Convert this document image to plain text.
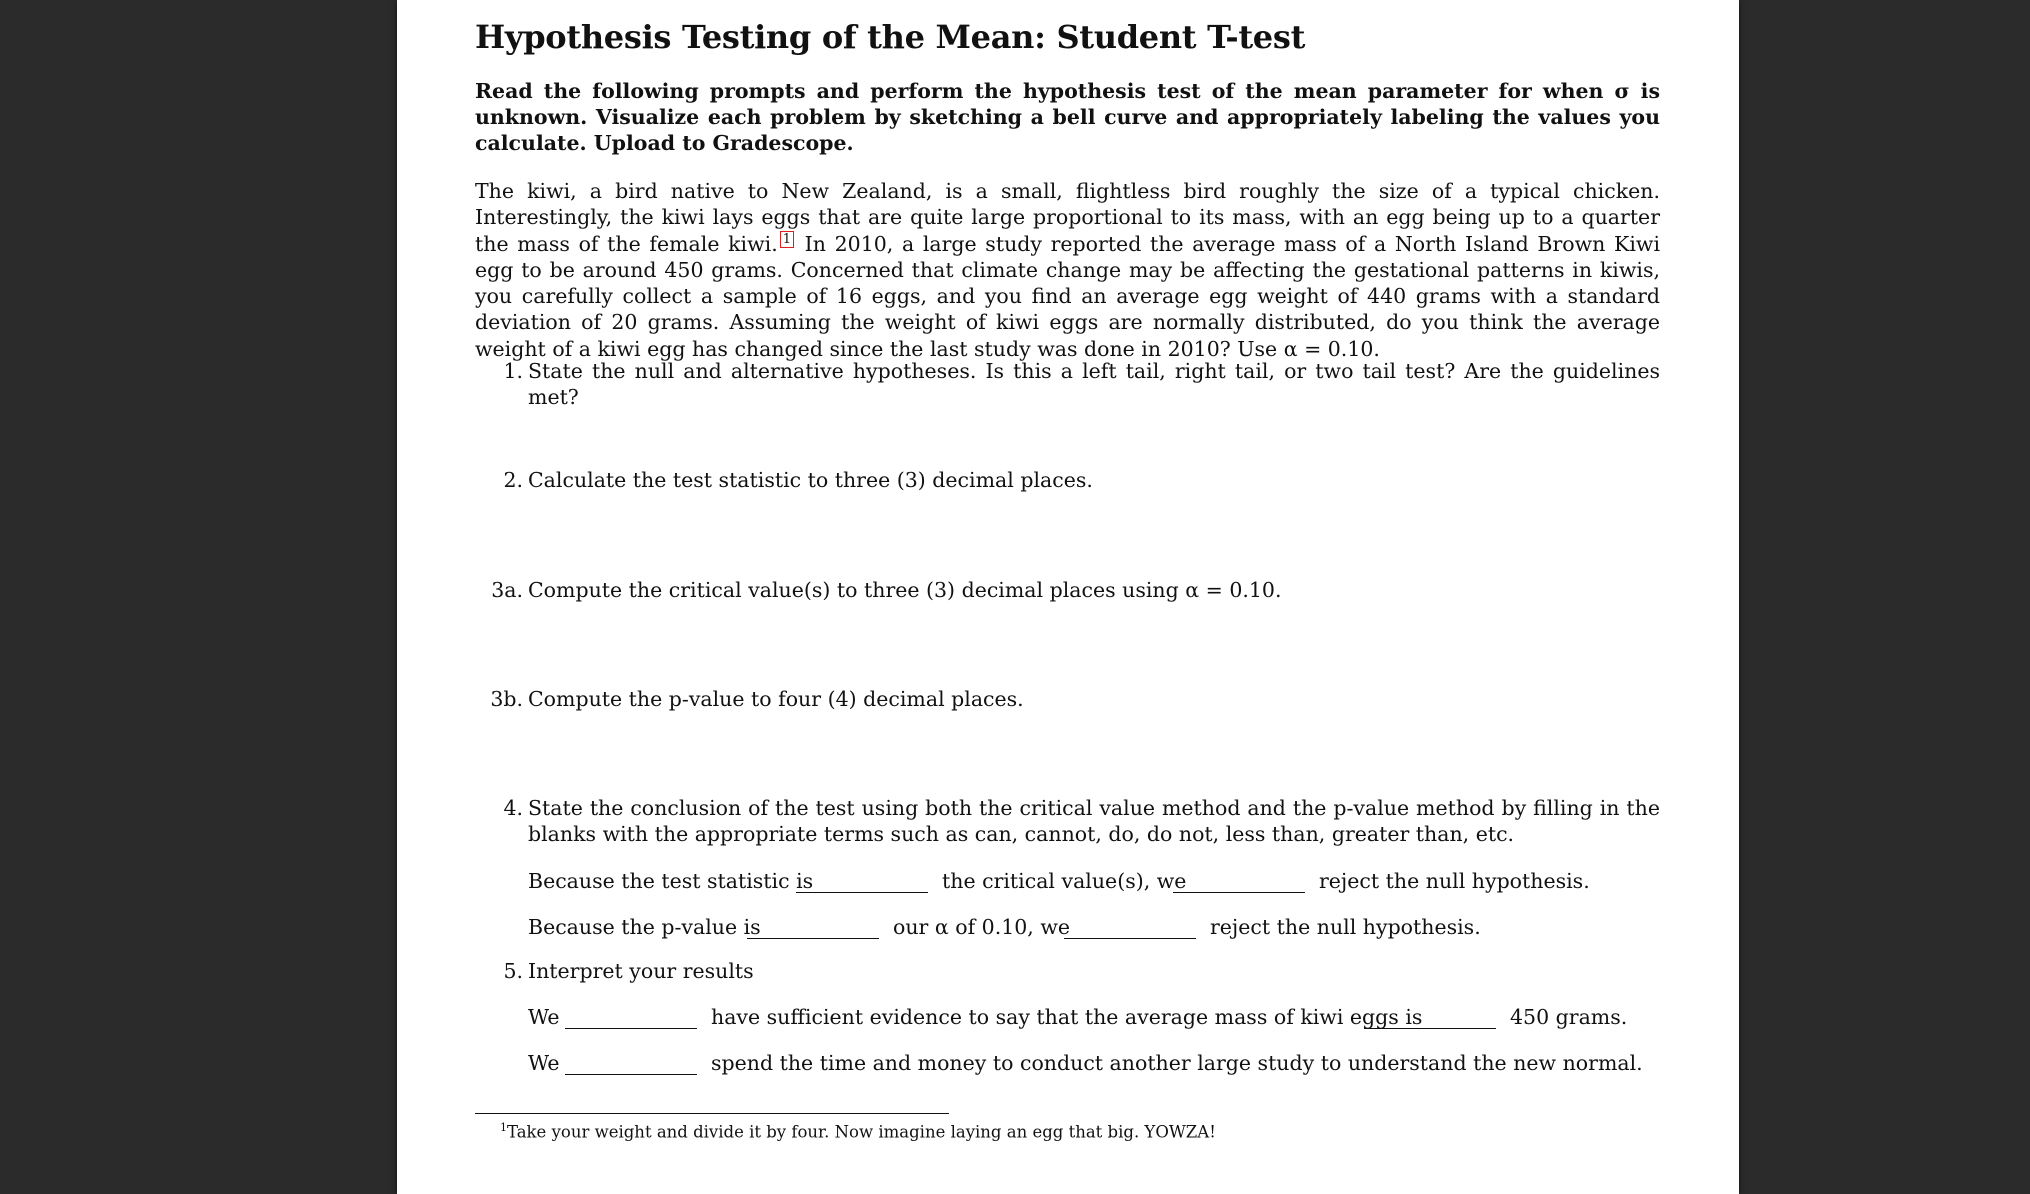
Hypothesis Testing of the Mean: Student T-test

Read the following prompts and perform the hypothesis test of the mean parameter for when σ is unknown. Visualize each problem by sketching a bell curve and appropriately labeling the values you calculate. Upload to Gradescope.

The kiwi, a bird native to New Zealand, is a small, flightless bird roughly the size of a typical chicken. Interestingly, the kiwi lays eggs that are quite large proportional to its mass, with an egg being up to a quarter the mass of the female kiwi. 1 In 2010, a large study reported the average mass of a North Island Brown Kiwi egg to be around 450 grams. Concerned that climate change may be affecting the gestational patterns in kiwis, you carefully collect a sample of 16 eggs, and you find an average egg weight of 440 grams with a standard deviation of 20 grams. Assuming the weight of kiwi eggs are normally distributed, do you think the average weight of a kiwi egg has changed since the last study was done in 2010? Use α = 0.10.

1. State the null and alternative hypotheses. Is this a left tail, right tail, or two tail test? Are the guidelines met?
2. Calculate the test statistic to three (3) decimal places.
3a. Compute the critical value(s) to three (3) decimal places using α = 0.10.
3b. Compute the p-value to four (4) decimal places.
4. State the conclusion of the test using both the critical value method and the p-value method by filling in the blanks with the appropriate terms such as can, cannot, do, do not, less than, greater than, etc.
Because the test statistic is	the critical value(s), we	reject the null hypothesis.
Because the p-value is	our α of 0.10, we	reject the null hypothesis.
5. Interpret your results
We	have sufficient evidence to say that the average mass of kiwi eggs is	450 grams.
We	spend the time and money to conduct another large study to understand the new normal.
$^1$Take your weight and divide it by four. Now imagine laying an egg that big. YOWZA!
